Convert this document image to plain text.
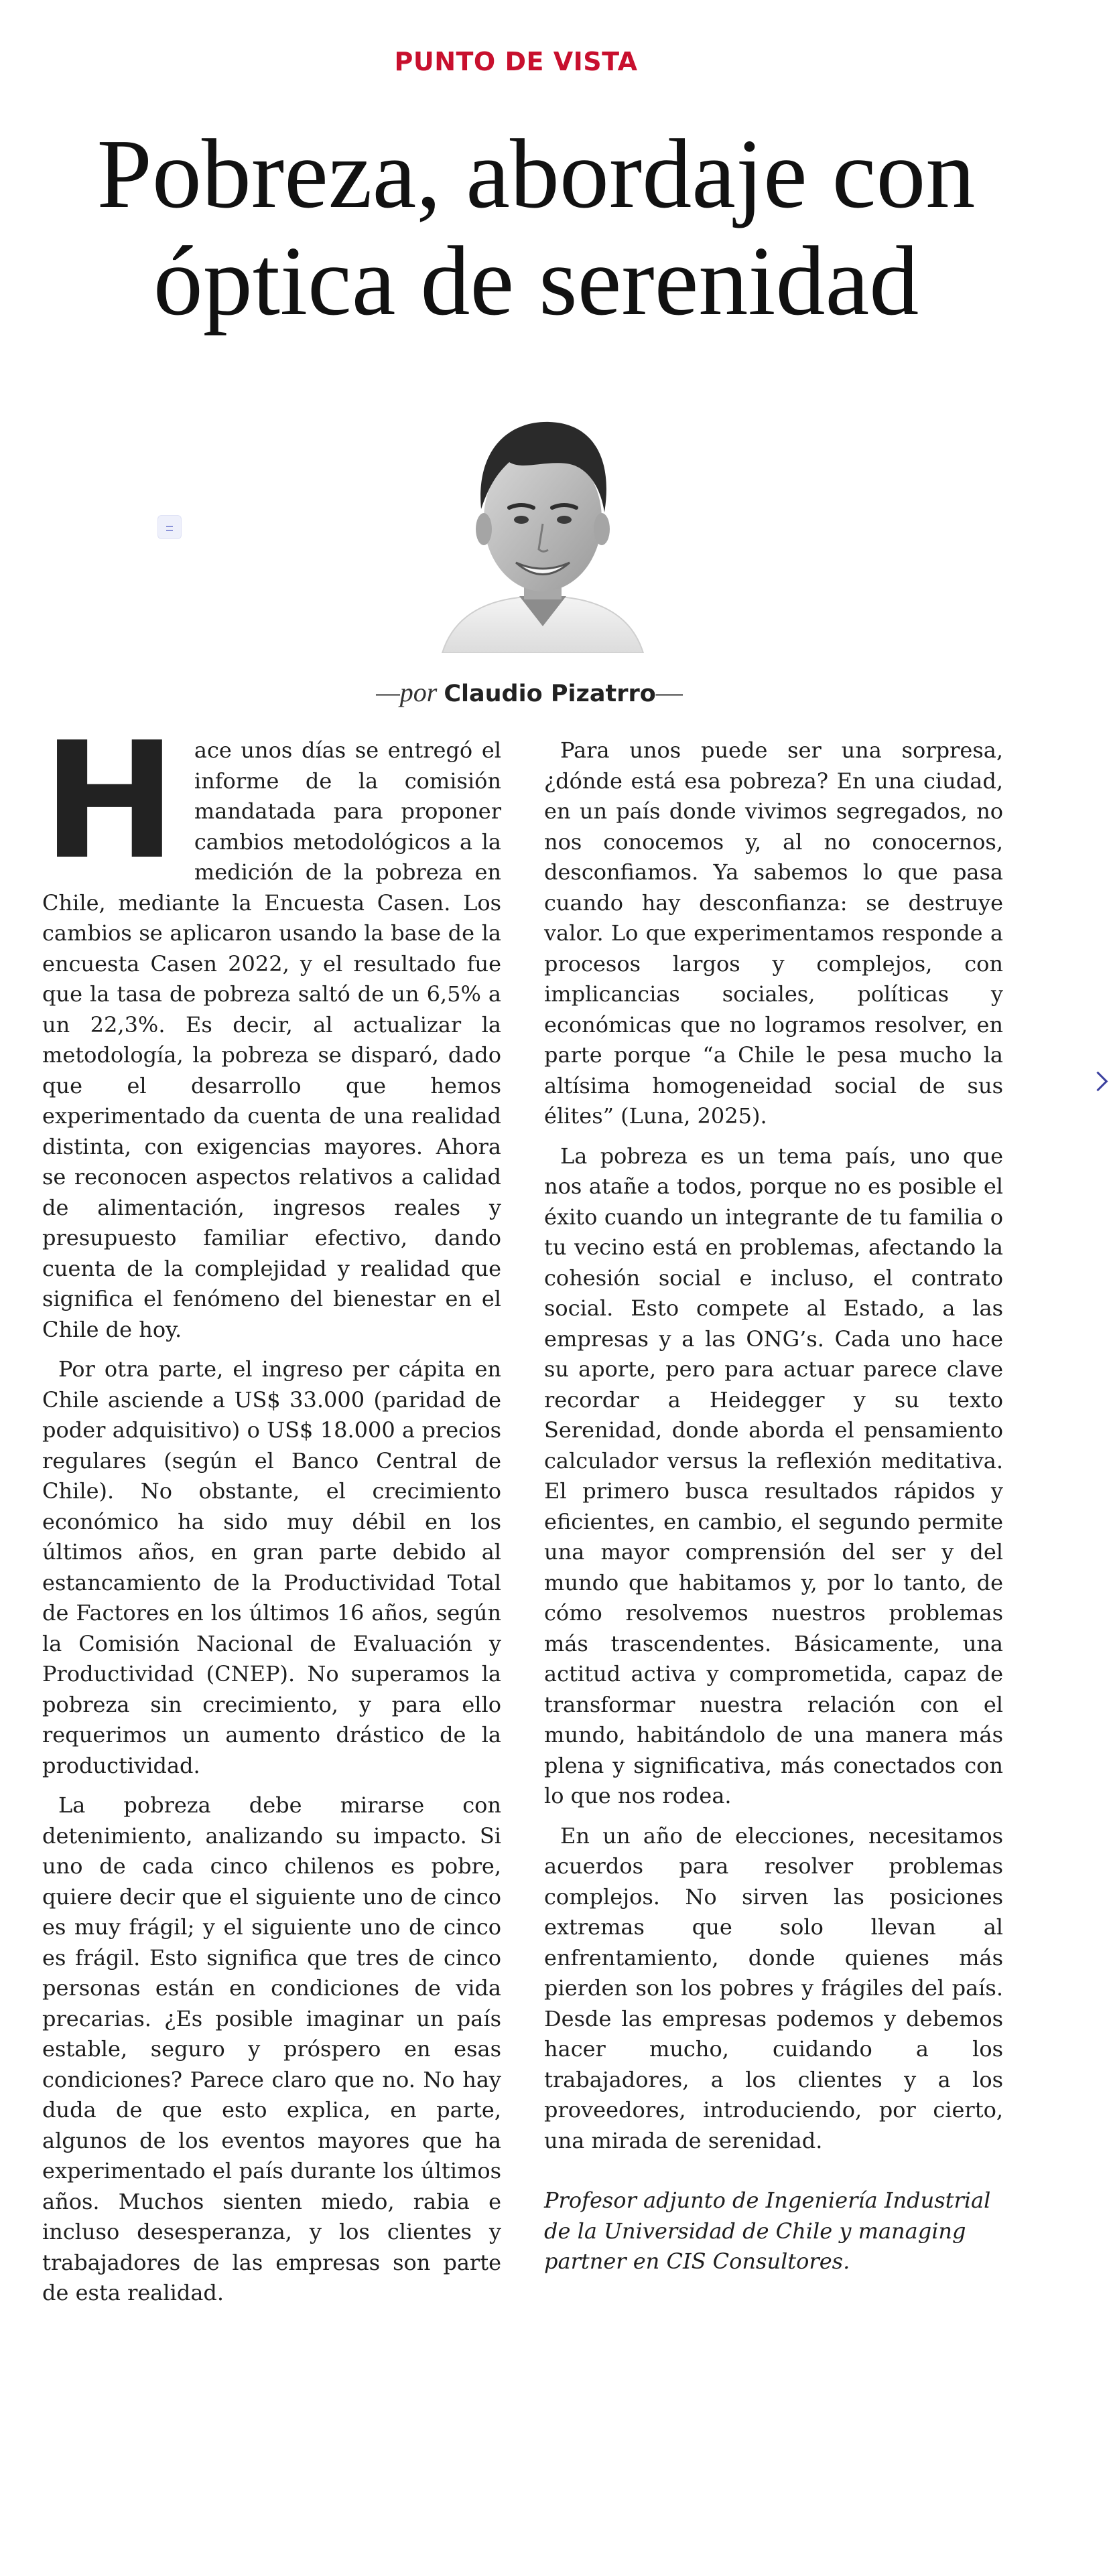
PUNTO DE VISTA
Pobreza, abordaje con
óptica de serenidad
—por Claudio Pizatrro—

Hace unos días se entregó el informe de la comisión mandatada para proponer cambios metodológicos a la medición de la pobreza en Chile, mediante la Encuesta Casen. Los cambios se aplicaron usando la base de la encuesta Casen 2022, y el resultado fue que la tasa de pobreza saltó de un 6,5% a un 22,3%. Es decir, al actualizar la metodología, la pobreza se disparó, dado que el desarrollo que hemos experimentado da cuenta de una realidad distinta, con exigencias mayores. Ahora se reconocen aspectos relativos a calidad de alimentación, ingresos reales y presupuesto familiar efectivo, dando cuenta de la complejidad y realidad que significa el fenómeno del bienestar en el Chile de hoy.

Por otra parte, el ingreso per cápita en Chile asciende a US$ 33.000 (paridad de poder adquisitivo) o US$ 18.000 a precios regulares (según el Banco Central de Chile). No obstante, el crecimiento económico ha sido muy débil en los últimos años, en gran parte debido al estancamiento de la Productividad Total de Factores en los últimos 16 años, según la Comisión Nacional de Evaluación y Productividad (CNEP). No superamos la pobreza sin crecimiento, y para ello requerimos un aumento drástico de la productividad.

La pobreza debe mirarse con detenimiento, analizando su impacto. Si uno de cada cinco chilenos es pobre, quiere decir que el siguiente uno de cinco es muy frágil; y el siguiente uno de cinco es frágil. Esto significa que tres de cinco personas están en condiciones de vida precarias. ¿Es posible imaginar un país estable, seguro y próspero en esas condiciones? Parece claro que no. No hay duda de que esto explica, en parte, algunos de los eventos mayores que ha experimentado el país durante los últimos años. Muchos sienten miedo, rabia e incluso desesperanza, y los clientes y trabajadores de las empresas son parte de esta realidad.

Para unos puede ser una sorpresa, ¿dónde está esa pobreza? En una ciudad, en un país donde vivimos segregados, no nos conocemos y, al no conocernos, desconfiamos. Ya sabemos lo que pasa cuando hay desconfianza: se destruye valor. Lo que experimentamos responde a procesos largos y complejos, con implicancias sociales, políticas y económicas que no logramos resolver, en parte porque “a Chile le pesa mucho la altísima homogeneidad social de sus élites” (Luna, 2025).

La pobreza es un tema país, uno que nos atañe a todos, porque no es posible el éxito cuando un integrante de tu familia o tu vecino está en problemas, afectando la cohesión social e incluso, el contrato social. Esto compete al Estado, a las empresas y a las ONG’s. Cada uno hace su aporte, pero para actuar parece clave recordar a Heidegger y su texto Serenidad, donde aborda el pensamiento calculador versus la reflexión meditativa. El primero busca resultados rápidos y eficientes, en cambio, el segundo permite una mayor comprensión del ser y del mundo que habitamos y, por lo tanto, de cómo resolvemos nuestros problemas más trascendentes. Básicamente, una actitud activa y comprometida, capaz de transformar nuestra relación con el mundo, habitándolo de una manera más plena y significativa, más conectados con lo que nos rodea.

En un año de elecciones, necesitamos acuerdos para resolver problemas complejos. No sirven las posiciones extremas que solo llevan al enfrentamiento, donde quienes más pierden son los pobres y frágiles del país. Desde las empresas podemos y debemos hacer mucho, cuidando a los trabajadores, a los clientes y a los proveedores, introduciendo, por cierto, una mirada de serenidad.

Profesor adjunto de Ingeniería Industrial de la Universidad de Chile y managing partner en CIS Consultores.
